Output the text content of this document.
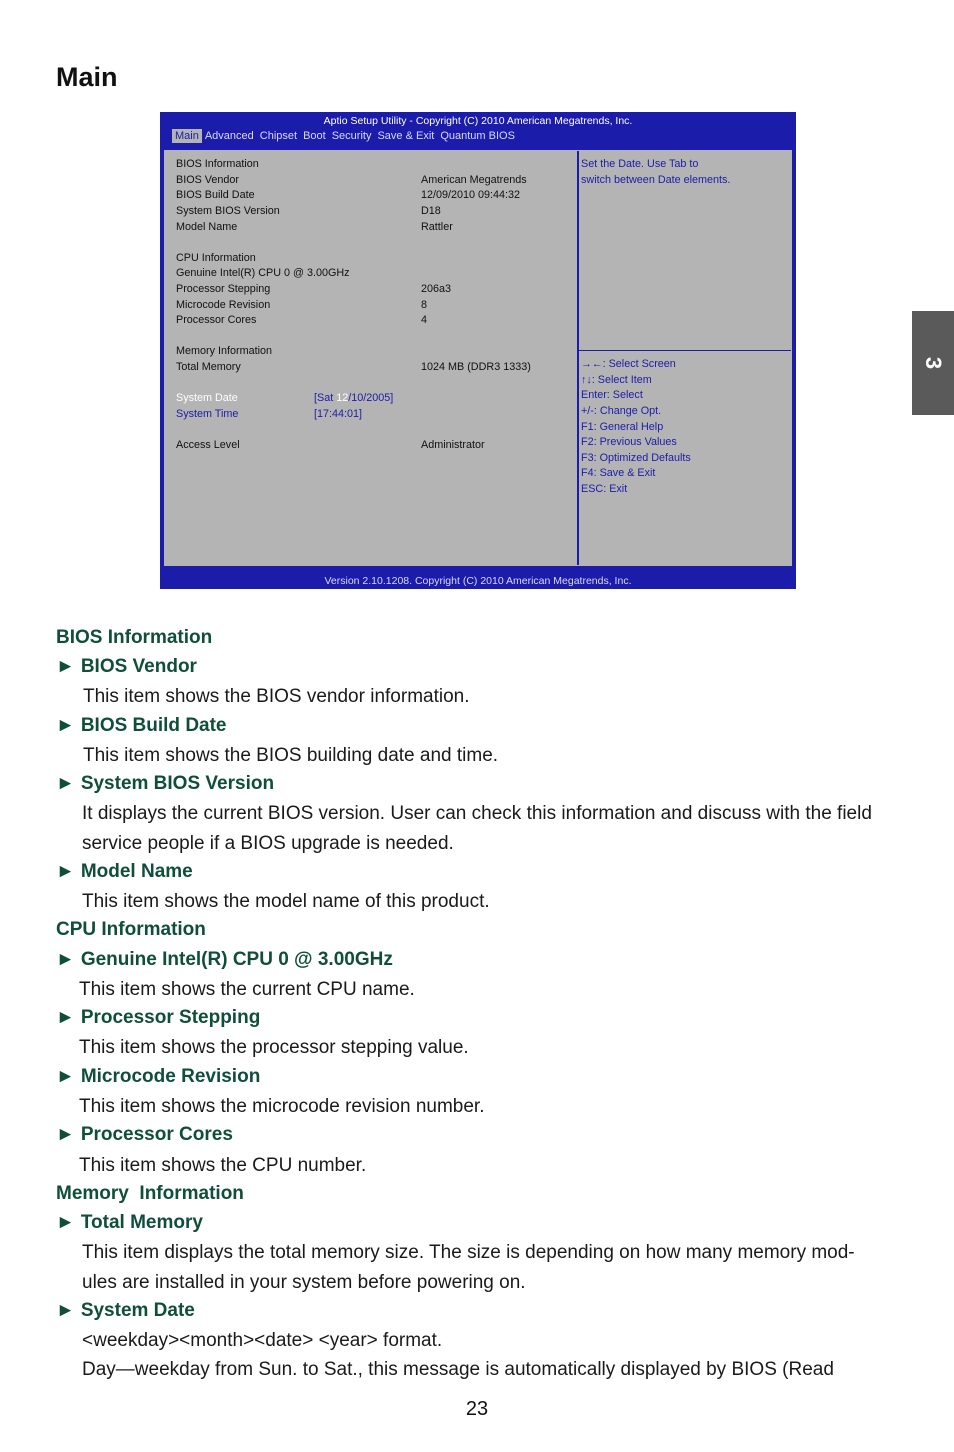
Main
3
Aptio Setup Utility - Copyright (C) 2010 American Megatrends, Inc.
Main Advanced Chipset Boot Security Save & Exit Quantum BIOS
BIOS Information
BIOS Vendor	American Megatrends
BIOS Build Date	12/09/2010 09:44:32
System BIOS Version	D18
Model Name	Rattler
CPU Information
Genuine Intel(R) CPU 0 @ 3.00GHz
Processor Stepping	206a3
Microcode Revision	8
Processor Cores	4
Memory Information
Total Memory	1024 MB (DDR3 1333)
System Date	[Sat 12/10/2005]
System Time	[17:44:01]
Access Level	Administrator
Set the Date. Use Tab to
switch between Date elements.
→←: Select Screen
↑↓: Select Item
Enter: Select
+/-: Change Opt.
F1: General Help
F2: Previous Values
F3: Optimized Defaults
F4: Save & Exit
ESC: Exit
Version 2.10.1208. Copyright (C) 2010 American Megatrends, Inc.
BIOS Information
► BIOS Vendor
This item shows the BIOS vendor information.
► BIOS Build Date
This item shows the BIOS building date and time.
► System BIOS Version
It displays the current BIOS version. User can check this information and discuss with the field
service people if a BIOS upgrade is needed.
► Model Name
This item shows the model name of this product.
CPU Information
► Genuine Intel(R) CPU 0 @ 3.00GHz
This item shows the current CPU name.
► Processor Stepping
This item shows the processor stepping value.
► Microcode Revision
This item shows the microcode revision number.
► Processor Cores
This item shows the CPU number.
Memory  Information
► Total Memory
This item displays the total memory size. The size is depending on how many memory mod-
ules are installed in your system before powering on.
► System Date
<weekday><month><date> <year> format.
Day—weekday from Sun. to Sat., this message is automatically displayed by BIOS (Read
23
